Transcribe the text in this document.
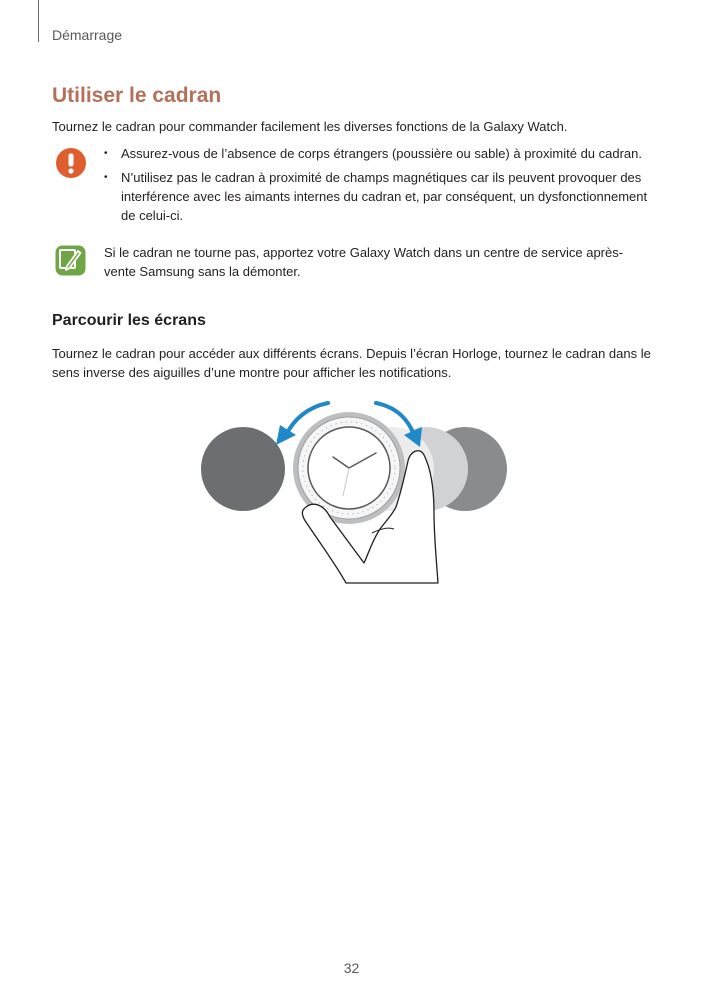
Démarrage
Utiliser le cadran

Tournez le cadran pour commander facilement les diverses fonctions de la Galaxy Watch.

• Assurez-vous de l’absence de corps étrangers (poussière ou sable) à proximité du cadran.
• N’utilisez pas le cadran à proximité de champs magnétiques car ils peuvent provoquer des interférence avec les aimants internes du cadran et, par conséquent, un dysfonctionnement de celui-ci.

Si le cadran ne tourne pas, apportez votre Galaxy Watch dans un centre de service après-vente Samsung sans la démonter.

Parcourir les écrans

Tournez le cadran pour accéder aux différents écrans. Depuis l’écran Horloge, tournez le cadran dans le sens inverse des aiguilles d’une montre pour afficher les notifications.

32
